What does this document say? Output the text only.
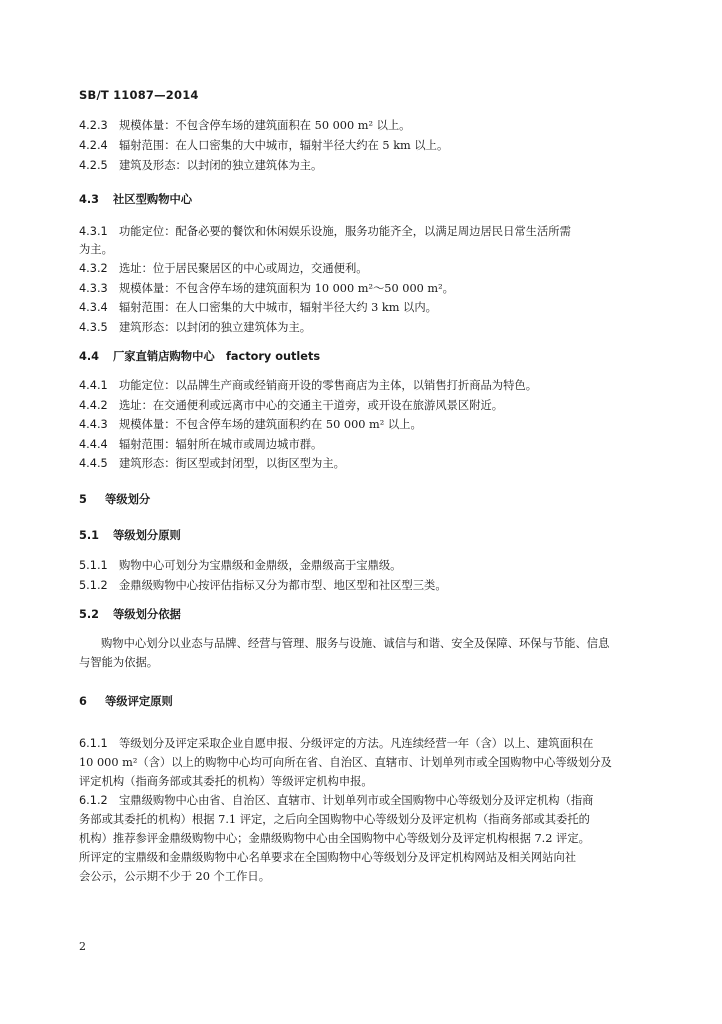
SB/T 11087—2014
4.2.3 规模体量：不包含停车场的建筑面积在 50 000 m² 以上。
4.2.4 辐射范围：在人口密集的大中城市，辐射半径大约在 5 km 以上。
4.2.5 建筑及形态：以封闭的独立建筑体为主。
4.3 社区型购物中心
4.3.1 功能定位：配备必要的餐饮和休闲娱乐设施，服务功能齐全，以满足周边居民日常生活所需
为主。
4.3.2 选址：位于居民聚居区的中心或周边，交通便利。
4.3.3 规模体量：不包含停车场的建筑面积为 10 000 m²～50 000 m²。
4.3.4 辐射范围：在人口密集的大中城市，辐射半径大约 3 km 以内。
4.3.5 建筑形态：以封闭的独立建筑体为主。
4.4 厂家直销店购物中心　factory outlets
4.4.1 功能定位：以品牌生产商或经销商开设的零售商店为主体，以销售打折商品为特色。
4.4.2 选址：在交通便利或远离市中心的交通主干道旁，或开设在旅游风景区附近。
4.4.3 规模体量：不包含停车场的建筑面积约在 50 000 m² 以上。
4.4.4 辐射范围：辐射所在城市或周边城市群。
4.4.5 建筑形态：街区型或封闭型，以街区型为主。
5 等级划分
5.1 等级划分原则
5.1.1 购物中心可划分为宝鼎级和金鼎级，金鼎级高于宝鼎级。
5.1.2 金鼎级购物中心按评估指标又分为都市型、地区型和社区型三类。
5.2 等级划分依据
购物中心划分以业态与品牌、经营与管理、服务与设施、诚信与和谐、安全及保障、环保与节能、信息
与智能为依据。
6 等级评定原则
6.1.1 等级划分及评定采取企业自愿申报、分级评定的方法。凡连续经营一年（含）以上、建筑面积在
10 000 m²（含）以上的购物中心均可向所在省、自治区、直辖市、计划单列市或全国购物中心等级划分及
评定机构（指商务部或其委托的机构）等级评定机构申报。
6.1.2 宝鼎级购物中心由省、自治区、直辖市、计划单列市或全国购物中心等级划分及评定机构（指商
务部或其委托的机构）根据 7.1 评定，之后向全国购物中心等级划分及评定机构（指商务部或其委托的
机构）推荐参评金鼎级购物中心；金鼎级购物中心由全国购物中心等级划分及评定机构根据 7.2 评定。
所评定的宝鼎级和金鼎级购物中心名单要求在全国购物中心等级划分及评定机构网站及相关网站向社
会公示，公示期不少于 20 个工作日。
2
